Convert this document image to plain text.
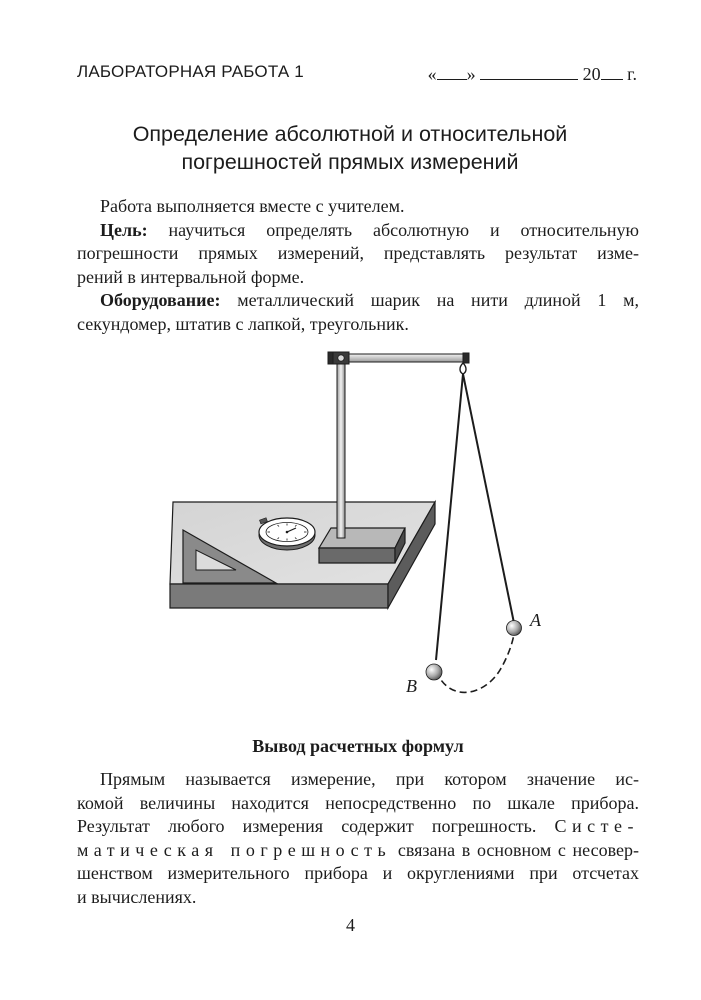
ЛАБОРАТОРНАЯ РАБОТА 1	« »	20 г.
Определение абсолютной и относительной
погрешностей прямых измерений
Работа выполняется вместе с учителем.
Цель: научиться определять абсолютную и относительную
погрешности прямых измерений, представлять результат изме-
рений в интервальной форме.
Оборудование: металлический шарик на нити длиной 1 м,
секундомер, штатив с лапкой, треугольник.
A
B
Вывод расчетных формул
Прямым называется измерение, при котором значение ис-
комой величины находится непосредственно по шкале прибора.
Результат любого измерения содержит погрешность. Систе-
матическая погрешность связана в основном с несовер-
шенством измерительного прибора и округлениями при отсчетах
и вычислениях.
4
